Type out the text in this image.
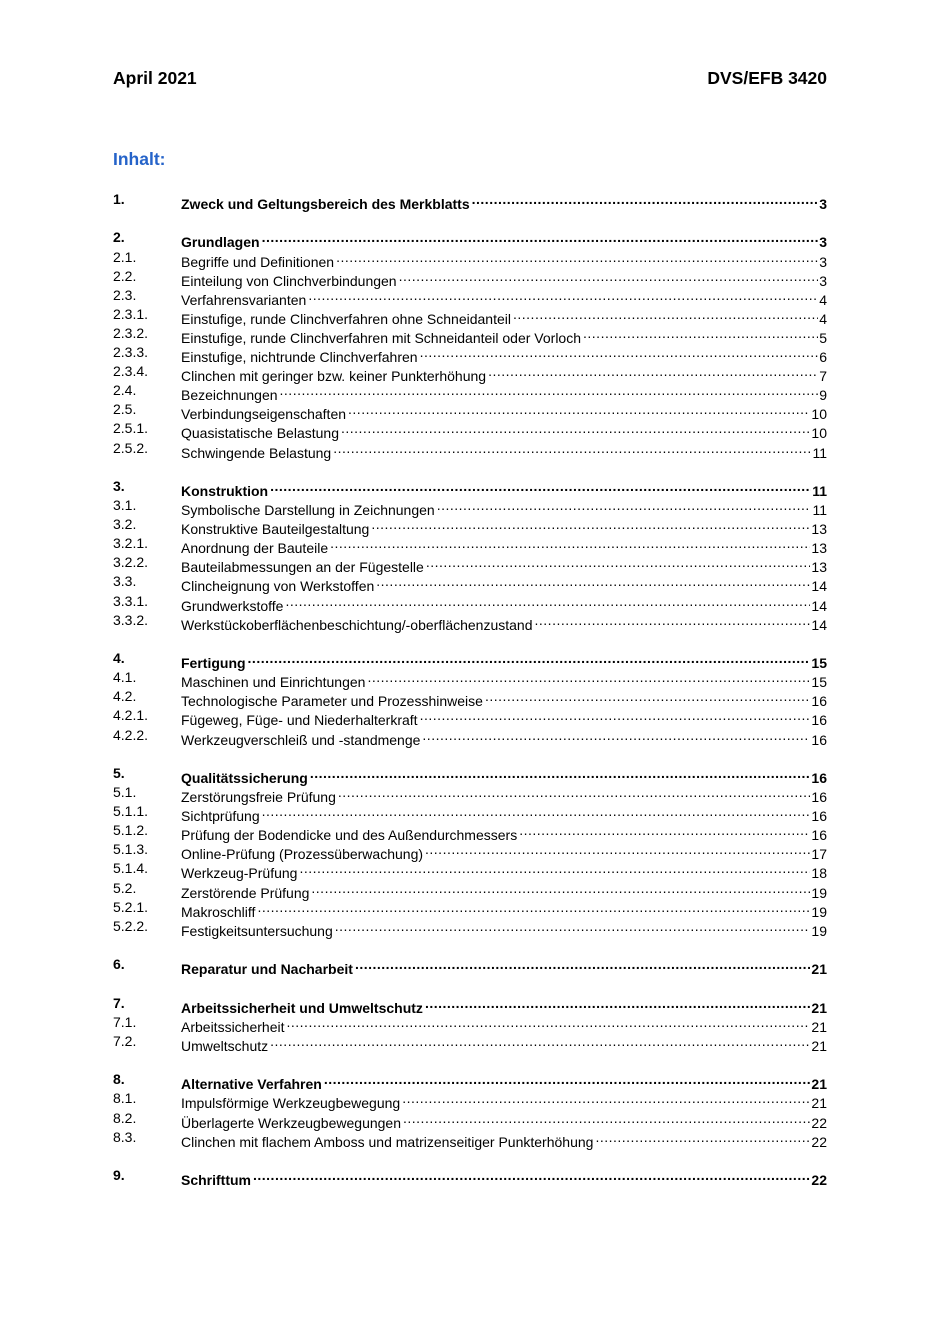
April 2021	DVS/EFB 3420
Inhalt:
1.	Zweck und Geltungsbereich des Merkblatts .....	3
2.	Grundlagen .....	3
2.1.	Begriffe und Definitionen .....	3
2.2.	Einteilung von Clinchverbindungen .....	3
2.3.	Verfahrensvarianten .....	4
2.3.1. Einstufige, runde Clinchverfahren ohne Schneidanteil .....	4
2.3.2. Einstufige, runde Clinchverfahren mit Schneidanteil oder Vorloch .....	5
2.3.3. Einstufige, nichtrunde Clinchverfahren .....	6
2.3.4. Clinchen mit geringer bzw. keiner Punkterhöhung .....	7
2.4.	Bezeichnungen .....	9
2.5.	Verbindungseigenschaften .....	10
2.5.1. Quasistatische Belastung .....	10
2.5.2. Schwingende Belastung .....	11
3.	Konstruktion .....	11
3.1.	Symbolische Darstellung in Zeichnungen .....	11
3.2.	Konstruktive Bauteilgestaltung .....	13
3.2.1. Anordnung der Bauteile .....	13
3.2.2. Bauteilabmessungen an der Fügestelle .....	13
3.3.	Clincheignung von Werkstoffen .....	14
3.3.1. Grundwerkstoffe .....	14
3.3.2. Werkstückoberflächenbeschichtung/-oberflächenzustand .....	14
4.	Fertigung .....	15
4.1.	Maschinen und Einrichtungen .....	15
4.2.	Technologische Parameter und Prozesshinweise .....	16
4.2.1. Fügeweg, Füge- und Niederhalterkraft .....	16
4.2.2. Werkzeugverschleiß und -standmenge .....	16
5.	Qualitätssicherung .....	16
5.1.	Zerstörungsfreie Prüfung .....	16
5.1.1. Sichtprüfung .....	16
5.1.2. Prüfung der Bodendicke und des Außendurchmessers .....	16
5.1.3. Online-Prüfung (Prozessüberwachung) .....	17
5.1.4. Werkzeug-Prüfung .....	18
5.2.	Zerstörende Prüfung .....	19
5.2.1. Makroschliff .....	19
5.2.2. Festigkeitsuntersuchung .....	19
6.	Reparatur und Nacharbeit .....	21
7.	Arbeitssicherheit und Umweltschutz .....	21
7.1.	Arbeitssicherheit .....	21
7.2.	Umweltschutz .....	21
8.	Alternative Verfahren .....	21
8.1.	Impulsförmige Werkzeugbewegung .....	21
8.2.	Überlagerte Werkzeugbewegungen .....	22
8.3.	Clinchen mit flachem Amboss und matrizenseitiger Punkterhöhung .....	22
9.	Schrifttum .....	22
